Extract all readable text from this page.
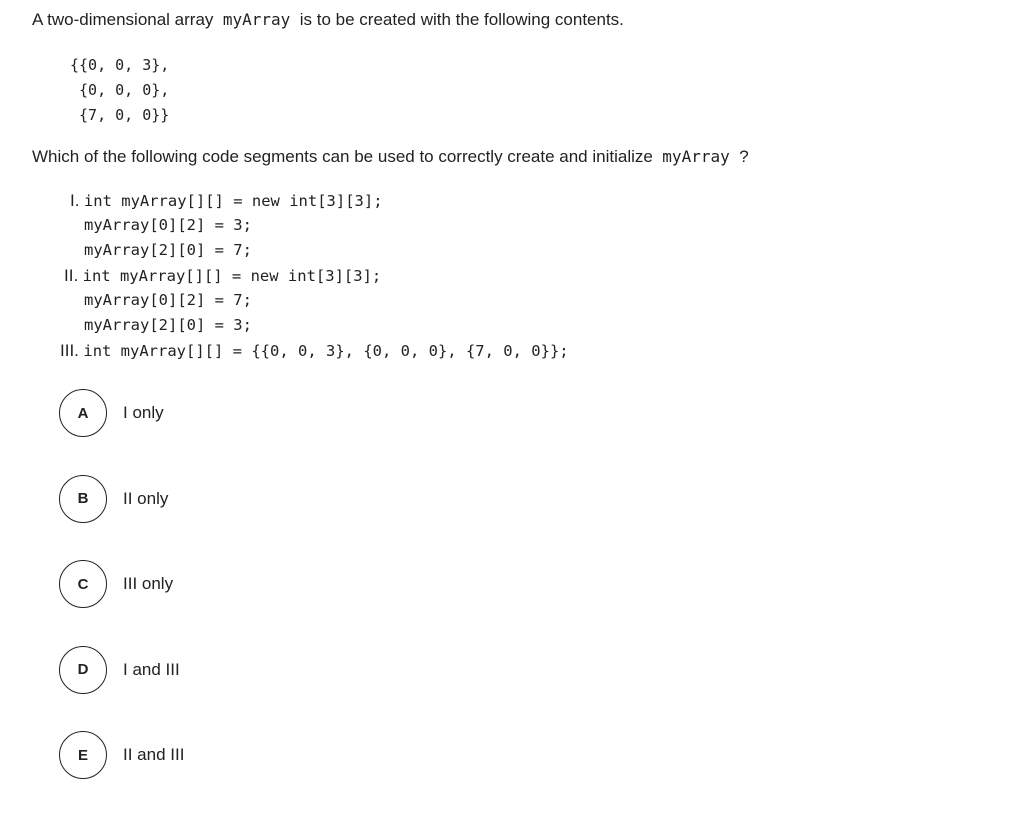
A two-dimensional array myArray is to be created with the following contents.
{{0, 0, 3},
{0, 0, 0},
{7, 0, 0}}
Which of the following code segments can be used to correctly create and initialize myArray ?
I. int myArray[][] = new int[3][3];
myArray[0][2] = 3;
myArray[2][0] = 7;
II. int myArray[][] = new int[3][3];
myArray[0][2] = 7;
myArray[2][0] = 3;
III. int myArray[][] = {{0, 0, 3}, {0, 0, 0}, {7, 0, 0}};
A	I only
B	II only
C	III only
D	I and III
E	II and III
